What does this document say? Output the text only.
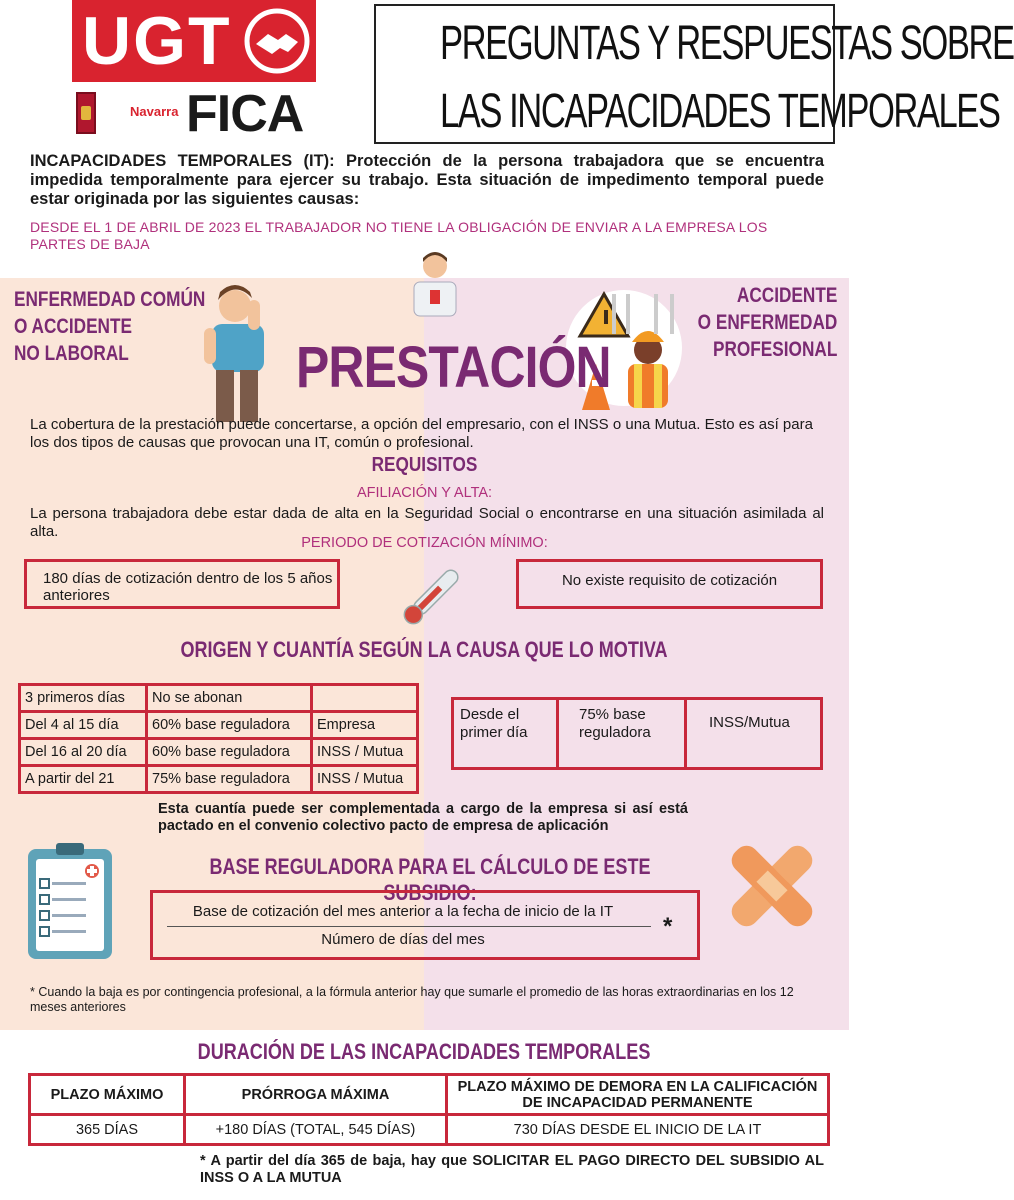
UGT
Navarra FICA
PREGUNTAS Y RESPUESTAS SOBRE
LAS INCAPACIDADES TEMPORALES
INCAPACIDADES TEMPORALES (IT): Protección de la persona trabajadora que se encuentra impedida temporalmente para ejercer su trabajo. Esta situación de impedimento temporal puede estar originada por las siguientes causas:
DESDE EL 1 DE ABRIL DE 2023 EL TRABAJADOR NO TIENE LA OBLIGACIÓN DE ENVIAR A LA EMPRESA LOS PARTES DE BAJA
ENFERMEDAD COMÚN
O ACCIDENTE
NO LABORAL
ACCIDENTE
O ENFERMEDAD
PROFESIONAL
PRESTACIÓN
La cobertura de la prestación puede concertarse, a opción del empresario, con el INSS o una Mutua. Esto es así para los dos tipos de causas que provocan una IT, común o profesional.
REQUISITOS
AFILIACIÓN Y ALTA:
La persona trabajadora debe estar dada de alta en la Seguridad Social o encontrarse en una situación asimilada al alta.
PERIODO DE COTIZACIÓN MÍNIMO:
180 días de cotización dentro de los 5 años anteriores
No existe requisito de cotización
ORIGEN Y CUANTÍA SEGÚN LA CAUSA QUE LO MOTIVA
3 primeros días	No se abonan	
Del 4 al 15 día	60% base reguladora	Empresa
Del 16 al 20 día	60% base reguladora	INSS / Mutua
A partir del 21	75% base reguladora	INSS / Mutua
Desde el primer día	75% base reguladora	INSS/Mutua
Esta cuantía puede ser complementada a cargo de la empresa si así está pactado en el convenio colectivo pacto de empresa de aplicación
BASE REGULADORA PARA EL CÁLCULO DE ESTE SUBSIDIO:
Base de cotización del mes anterior a la fecha de inicio de la IT
Número de días del mes	*
* Cuando la baja es por contingencia profesional, a la fórmula anterior hay que sumarle el promedio de las horas extraordinarias en los 12 meses anteriores
DURACIÓN DE LAS INCAPACIDADES TEMPORALES
PLAZO MÁXIMO	PRÓRROGA MÁXIMA	PLAZO MÁXIMO DE DEMORA EN LA CALIFICACIÓN DE INCAPACIDAD PERMANENTE
365 DÍAS	+180 DÍAS (TOTAL, 545 DÍAS)	730 DÍAS DESDE EL INICIO DE LA IT
* A partir del día 365 de baja, hay que SOLICITAR EL PAGO DIRECTO DEL SUBSIDIO AL INSS O A LA MUTUA
